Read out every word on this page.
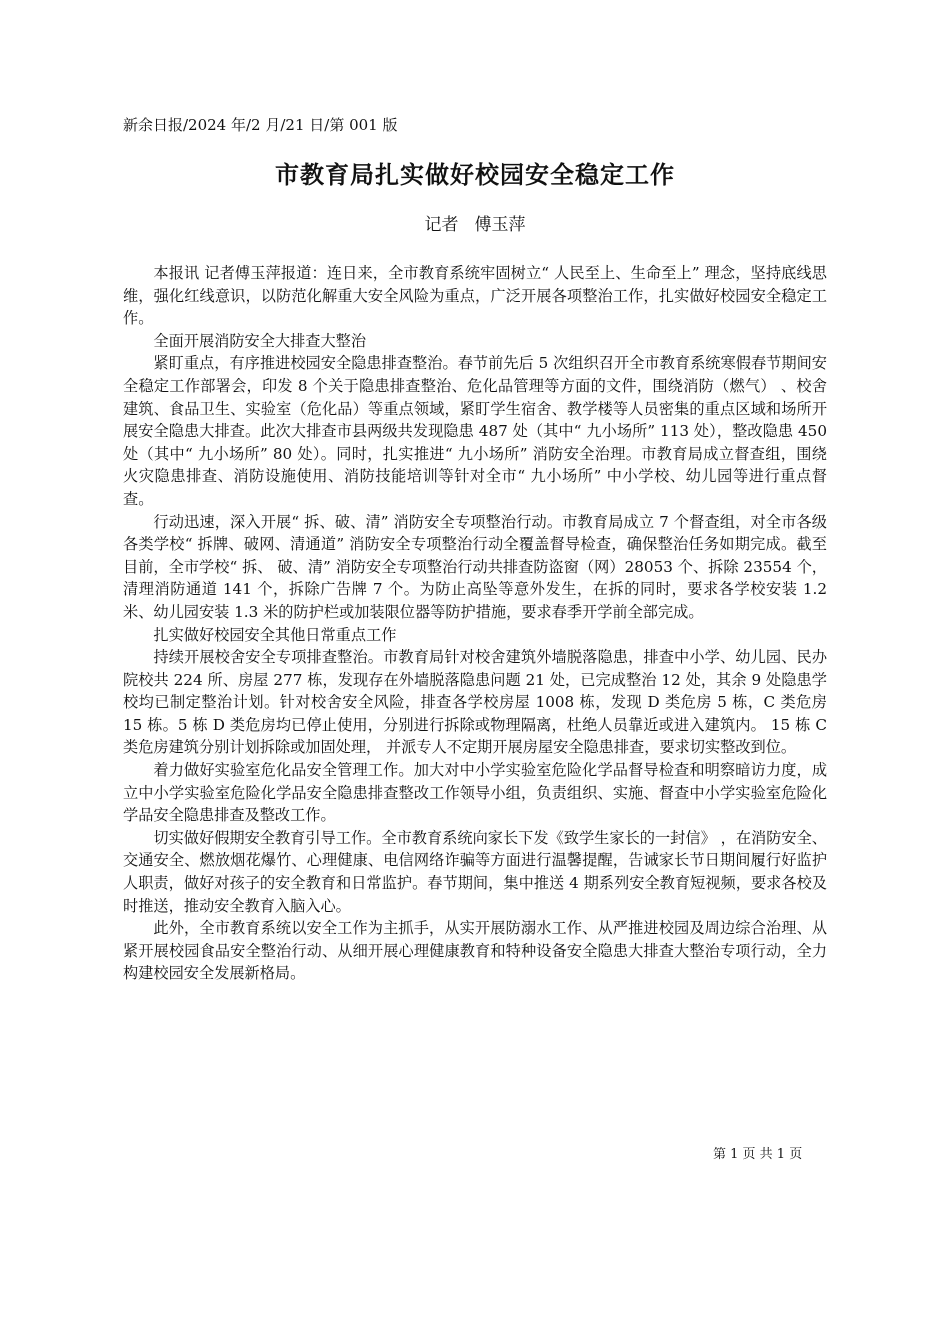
新余日报/2024 年/2 月/21 日/第 001 版
市教育局扎实做好校园安全稳定工作
记者 傅玉萍

本报讯 记者傅玉萍报道：连日来，全市教育系统牢固树立“ 人民至上、生命至上” 理念，坚持底线思维，强化红线意识，以防范化解重大安全风险为重点，广泛开展各项整治工作，扎实做好校园安全稳定工作。

全面开展消防安全大排查大整治

紧盯重点，有序推进校园安全隐患排查整治。春节前先后 5 次组织召开全市教育系统寒假春节期间安全稳定工作部署会，印发 8 个关于隐患排查整治、危化品管理等方面的文件，围绕消防（燃气） 、校舍建筑、食品卫生、实验室（危化品）等重点领域，紧盯学生宿舍、教学楼等人员密集的重点区域和场所开展安全隐患大排查。此次大排查市县两级共发现隐患 487 处（其中“ 九小场所” 113 处），整改隐患 450 处（其中“ 九小场所” 80 处）。同时，扎实推进“ 九小场所” 消防安全治理。市教育局成立督查组，围绕火灾隐患排查、消防设施使用、消防技能培训等针对全市“ 九小场所” 中小学校、幼儿园等进行重点督查。

行动迅速，深入开展“ 拆、破、清” 消防安全专项整治行动。市教育局成立 7 个督查组，对全市各级各类学校“ 拆牌、破网、清通道” 消防安全专项整治行动全覆盖督导检查，确保整治任务如期完成。截至目前，全市学校“ 拆、 破、清” 消防安全专项整治行动共排查防盗窗（网）28053 个、拆除 23554 个，清理消防通道 141 个，拆除广告牌 7 个。为防止高坠等意外发生，在拆的同时，要求各学校安装 1.2 米、幼儿园安装 1.3 米的防护栏或加装限位器等防护措施，要求春季开学前全部完成。

扎实做好校园安全其他日常重点工作

持续开展校舍安全专项排查整治。市教育局针对校舍建筑外墙脱落隐患，排查中小学、幼儿园、民办院校共 224 所、房屋 277 栋，发现存在外墙脱落隐患问题 21 处，已完成整治 12 处，其余 9 处隐患学校均已制定整治计划。针对校舍安全风险，排查各学校房屋 1008 栋，发现 D 类危房 5 栋，C 类危房 15 栋。5 栋 D 类危房均已停止使用，分别进行拆除或物理隔离，杜绝人员靠近或进入建筑内。 15 栋 C 类危房建筑分别计划拆除或加固处理， 并派专人不定期开展房屋安全隐患排查，要求切实整改到位。

着力做好实验室危化品安全管理工作。加大对中小学实验室危险化学品督导检查和明察暗访力度，成立中小学实验室危险化学品安全隐患排查整改工作领导小组，负责组织、实施、督查中小学实验室危险化学品安全隐患排查及整改工作。

切实做好假期安全教育引导工作。全市教育系统向家长下发《致学生家长的一封信》 ，在消防安全、交通安全、燃放烟花爆竹、心理健康、电信网络诈骗等方面进行温馨提醒，告诫家长节日期间履行好监护人职责，做好对孩子的安全教育和日常监护。春节期间，集中推送 4 期系列安全教育短视频，要求各校及时推送，推动安全教育入脑入心。

此外，全市教育系统以安全工作为主抓手，从实开展防溺水工作、从严推进校园及周边综合治理、从紧开展校园食品安全整治行动、从细开展心理健康教育和特种设备安全隐患大排查大整治专项行动，全力构建校园安全发展新格局。

第 1 页 共 1 页
